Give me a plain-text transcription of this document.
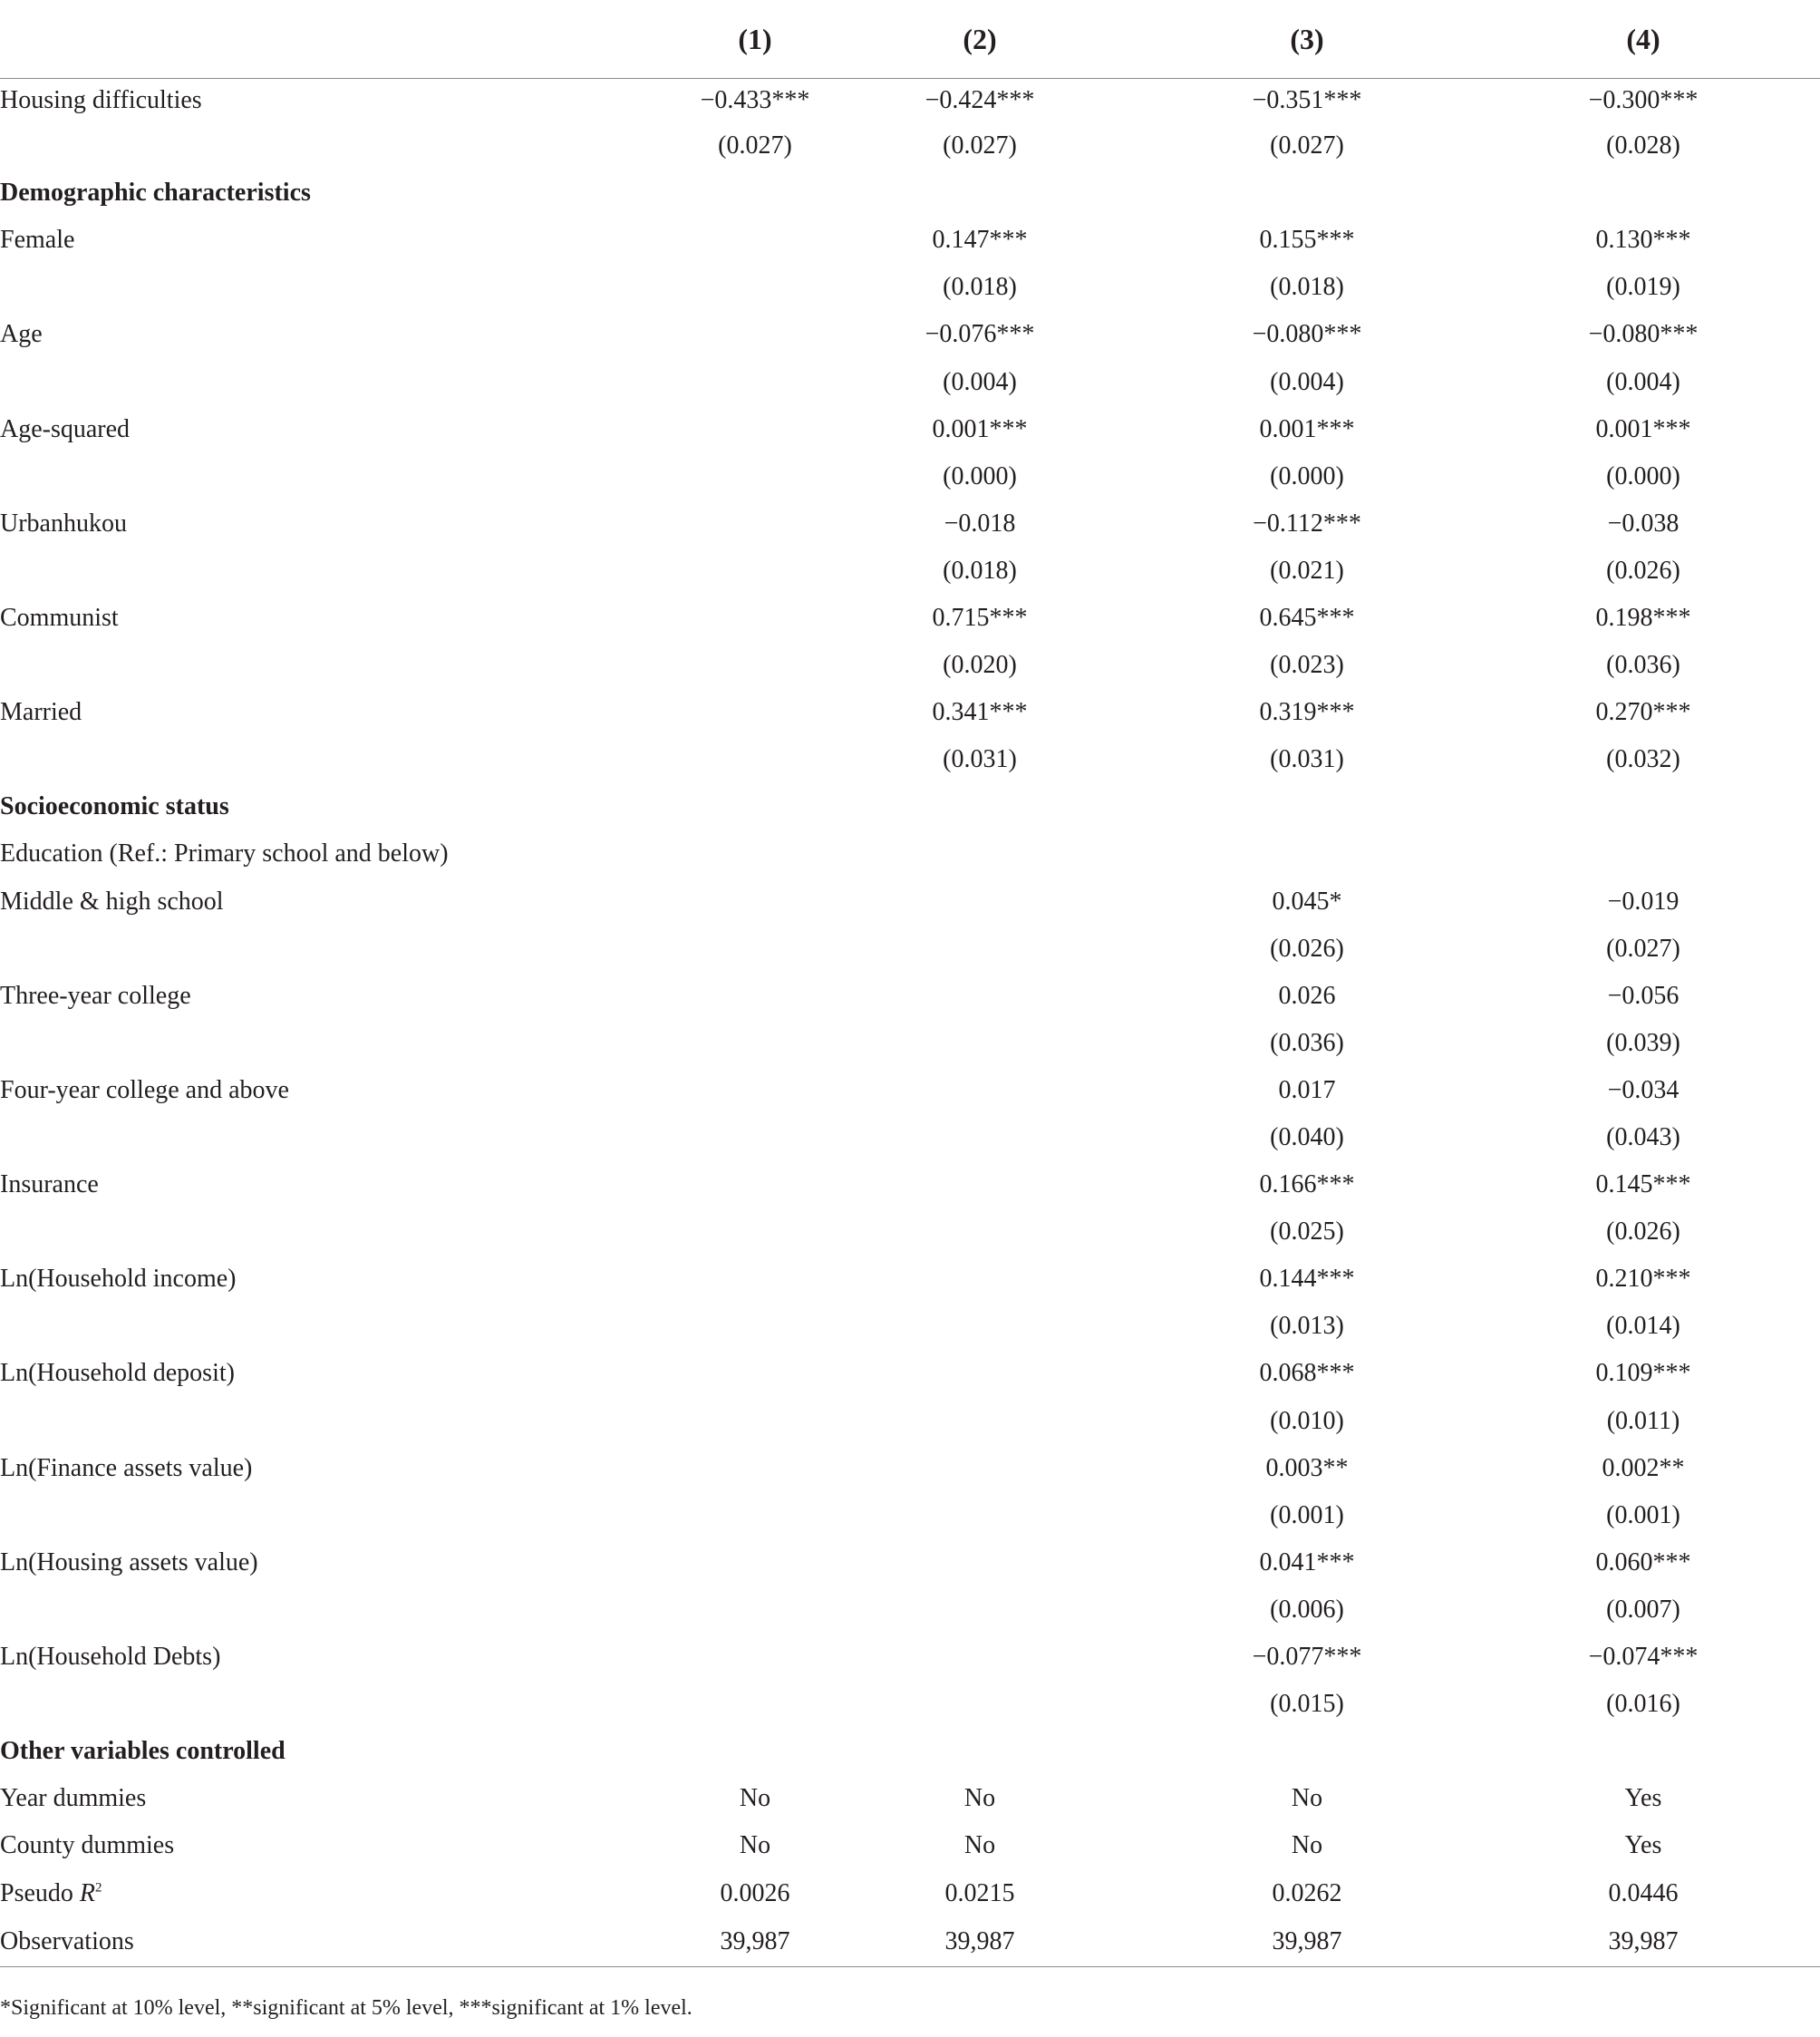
	(1)	(2)	(3)	(4)
Housing difficulties	−0.433***	−0.424***	−0.351***	−0.300***
	(0.027)	(0.027)	(0.027)	(0.028)
Demographic characteristics				
Female		0.147***	0.155***	0.130***
		(0.018)	(0.018)	(0.019)
Age		−0.076***	−0.080***	−0.080***
		(0.004)	(0.004)	(0.004)
Age-squared		0.001***	0.001***	0.001***
		(0.000)	(0.000)	(0.000)
Urbanhukou		−0.018	−0.112***	−0.038
		(0.018)	(0.021)	(0.026)
Communist		0.715***	0.645***	0.198***
		(0.020)	(0.023)	(0.036)
Married		0.341***	0.319***	0.270***
		(0.031)	(0.031)	(0.032)
Socioeconomic status				
Education (Ref.: Primary school and below)				
Middle & high school			0.045*	−0.019
			(0.026)	(0.027)
Three-year college			0.026	−0.056
			(0.036)	(0.039)
Four-year college and above			0.017	−0.034
			(0.040)	(0.043)
Insurance			0.166***	0.145***
			(0.025)	(0.026)
Ln(Household income)			0.144***	0.210***
			(0.013)	(0.014)
Ln(Household deposit)			0.068***	0.109***
			(0.010)	(0.011)
Ln(Finance assets value)			0.003**	0.002**
			(0.001)	(0.001)
Ln(Housing assets value)			0.041***	0.060***
			(0.006)	(0.007)
Ln(Household Debts)			−0.077***	−0.074***
			(0.015)	(0.016)
Other variables controlled				
Year dummies	No	No	No	Yes
County dummies	No	No	No	Yes
Pseudo $R^2$	0.0026	0.0215	0.0262	0.0446
Observations	39,987	39,987	39,987	39,987
*Significant at 10% level, **significant at 5% level, ***significant at 1% level.
